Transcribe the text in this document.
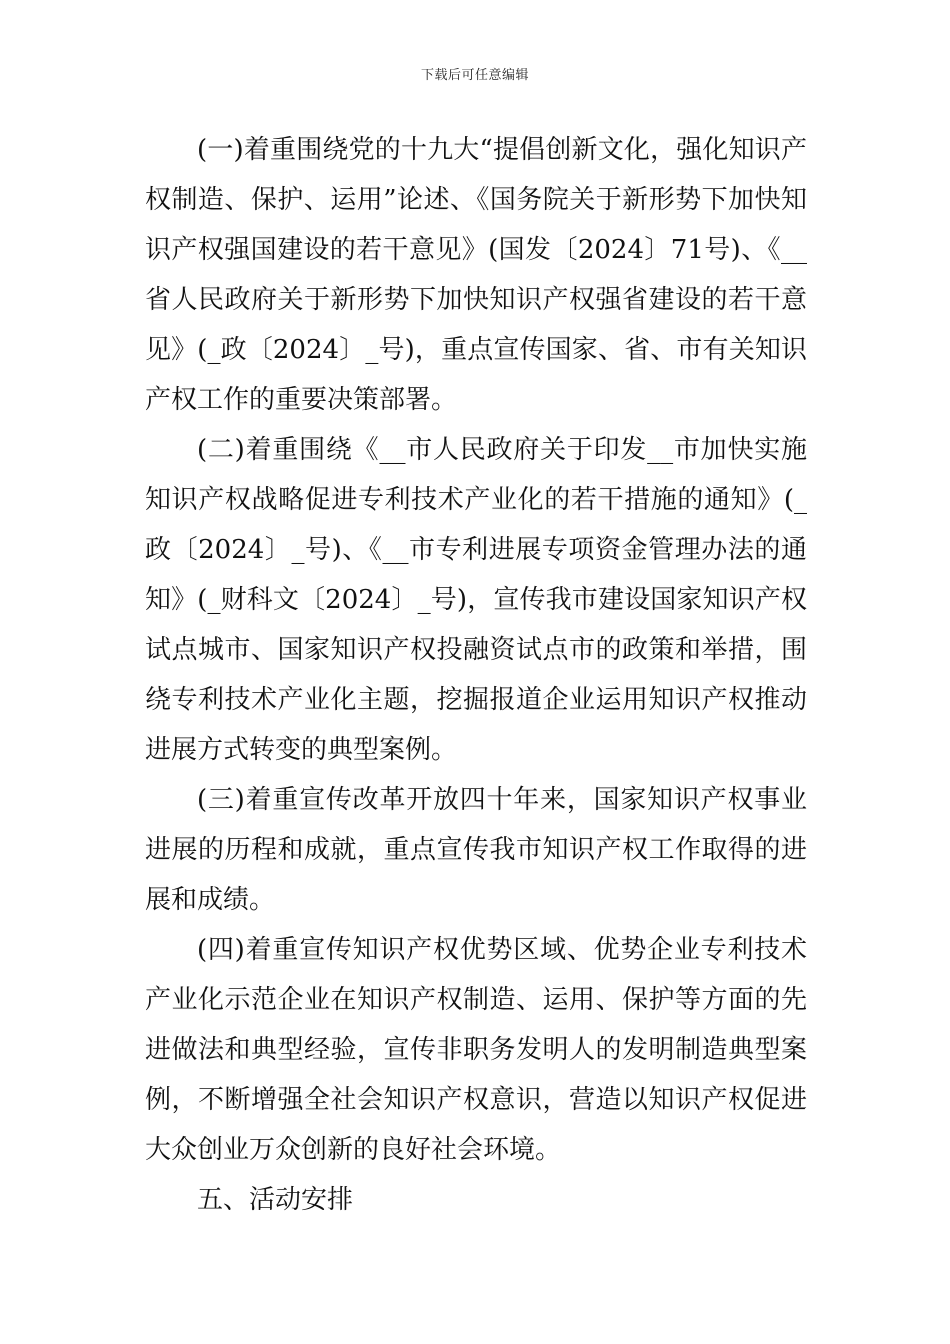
下载后可任意编辑

(一)着重围绕党的十九大“提倡创新文化，强化知识产权制造、保护、运用”论述、《国务院关于新形势下加快知识产权强国建设的若干意见》(国发〔2024〕71号)、《__省人民政府关于新形势下加快知识产权强省建设的若干意见》(_政〔2024〕_号)，重点宣传国家、省、市有关知识产权工作的重要决策部署。

(二)着重围绕《__市人民政府关于印发__市加快实施知识产权战略促进专利技术产业化的若干措施的通知》(_政〔2024〕_号)、《__市专利进展专项资金管理办法的通知》(_财科文〔2024〕_号)，宣传我市建设国家知识产权试点城市、国家知识产权投融资试点市的政策和举措，围绕专利技术产业化主题，挖掘报道企业运用知识产权推动进展方式转变的典型案例。

(三)着重宣传改革开放四十年来，国家知识产权事业进展的历程和成就，重点宣传我市知识产权工作取得的进展和成绩。

(四)着重宣传知识产权优势区域、优势企业专利技术产业化示范企业在知识产权制造、运用、保护等方面的先进做法和典型经验，宣传非职务发明人的发明制造典型案例，不断增强全社会知识产权意识，营造以知识产权促进大众创业万众创新的良好社会环境。

五、活动安排
